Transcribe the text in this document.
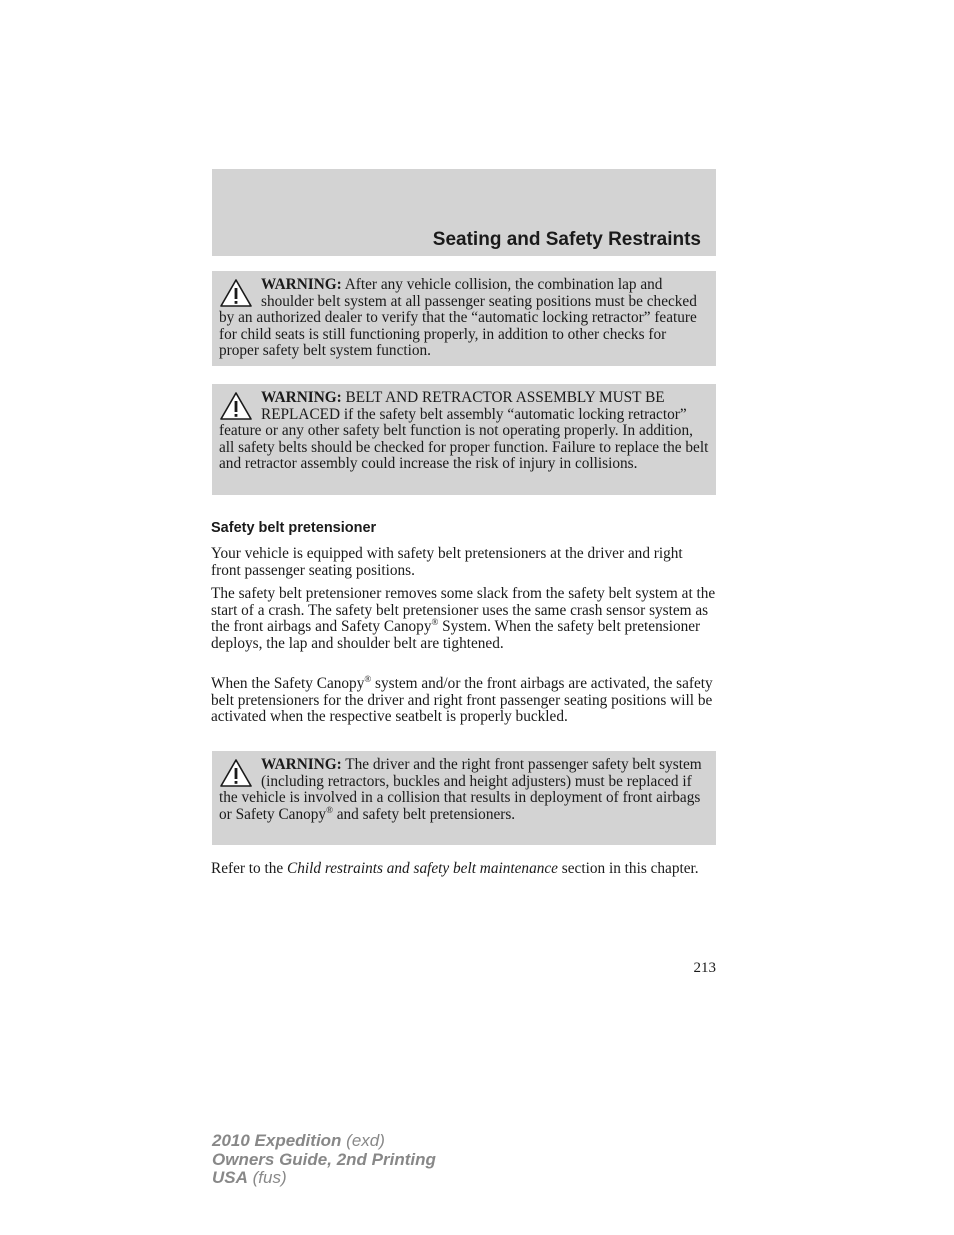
Seating and Safety Restraints
WARNING: After any vehicle collision, the combination lap and shoulder belt system at all passenger seating positions must be checked by an authorized dealer to verify that the “automatic locking retractor” feature for child seats is still functioning properly, in addition to other checks for proper safety belt system function.
WARNING: BELT AND RETRACTOR ASSEMBLY MUST BE REPLACED if the safety belt assembly “automatic locking retractor” feature or any other safety belt function is not operating properly. In addition, all safety belts should be checked for proper function. Failure to replace the belt and retractor assembly could increase the risk of injury in collisions.
Safety belt pretensioner

Your vehicle is equipped with safety belt pretensioners at the driver and right front passenger seating positions.

The safety belt pretensioner removes some slack from the safety belt system at the start of a crash. The safety belt pretensioner uses the same crash sensor system as the front airbags and Safety Canopy® System. When the safety belt pretensioner deploys, the lap and shoulder belt are tightened.

When the Safety Canopy® system and/or the front airbags are activated, the safety belt pretensioners for the driver and right front passenger seating positions will be activated when the respective seatbelt is properly buckled.

WARNING: The driver and the right front passenger safety belt system (including retractors, buckles and height adjusters) must be replaced if the vehicle is involved in a collision that results in deployment of front airbags or Safety Canopy® and safety belt pretensioners.

Refer to the Child restraints and safety belt maintenance section in this chapter.

213
2010 Expedition (exd)
Owners Guide, 2nd Printing
USA (fus)
